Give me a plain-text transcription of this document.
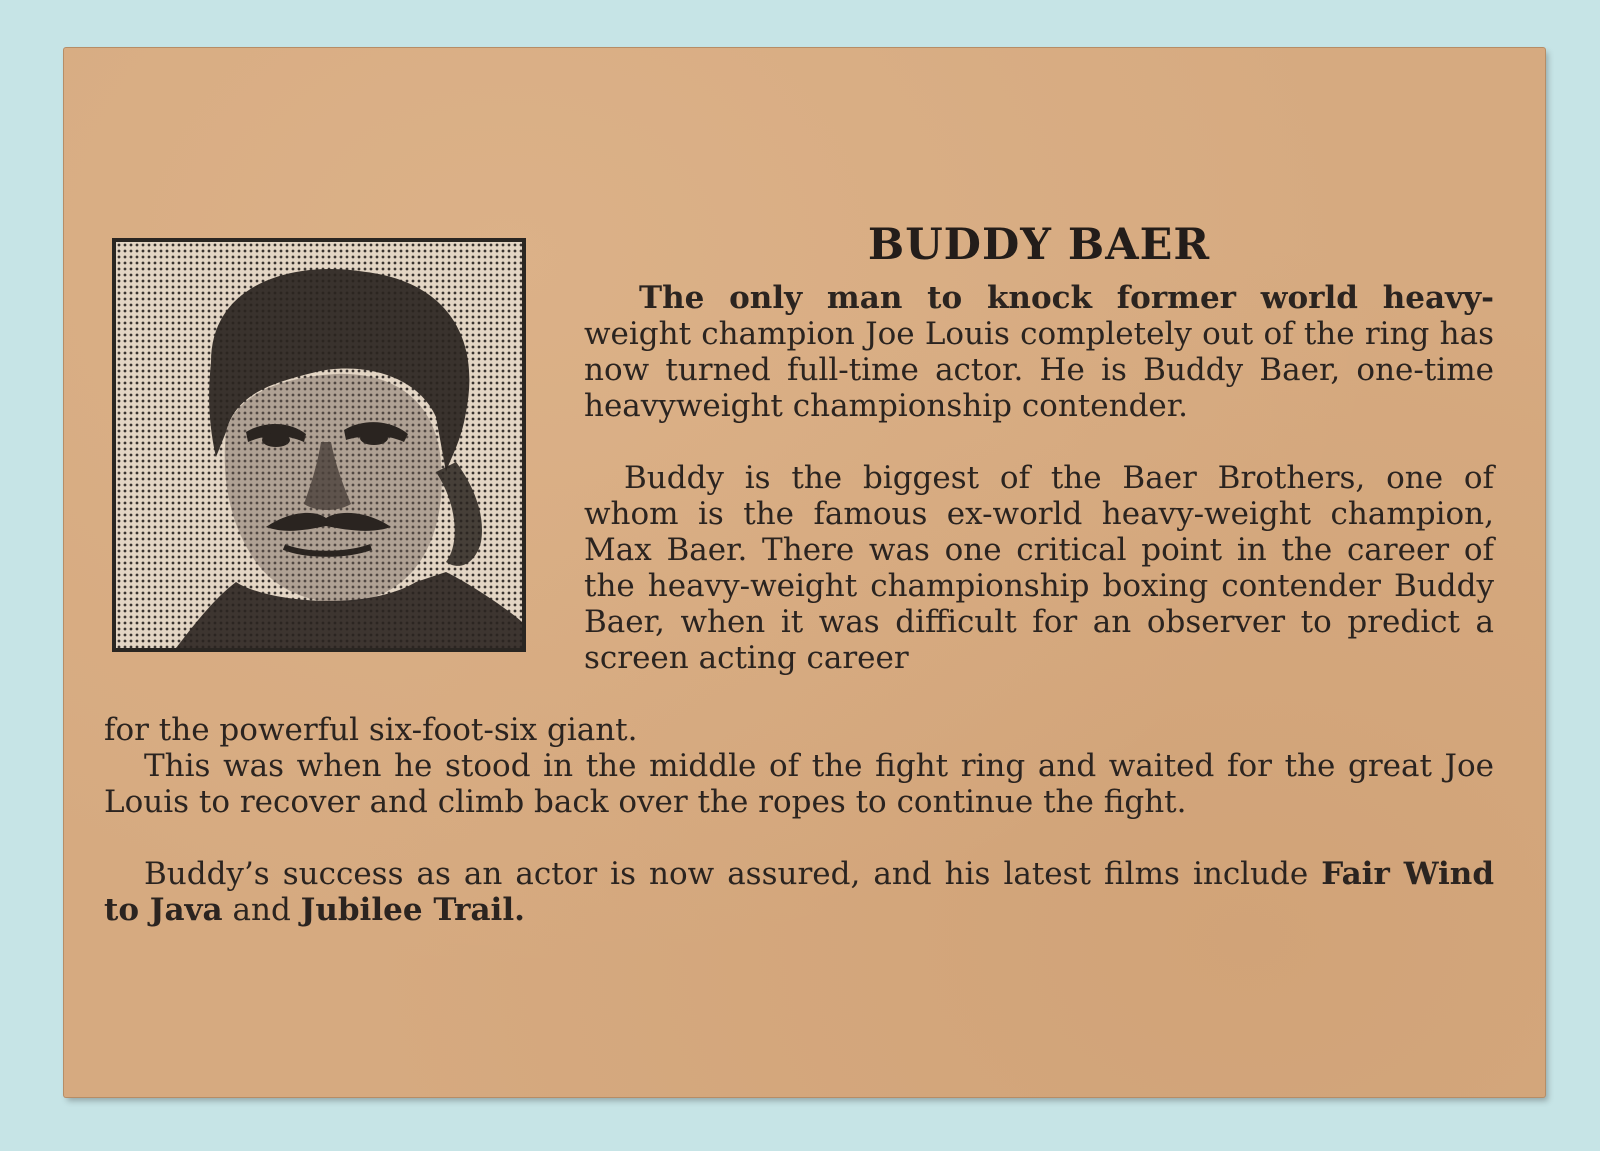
BUDDY BAER

The only man to knock former world heavy- weight champion Joe Louis completely out of the ring has now turned full-time actor. He is Buddy Baer, one-time heavyweight championship contender.

Buddy is the biggest of the Baer Brothers, one of whom is the famous ex-world heavy-weight champion, Max Baer. There was one critical point in the career of the heavy-weight championship boxing contender Buddy Baer, when it was difficult for an observer to predict a screen acting career

for the powerful six-foot-six giant.

This was when he stood in the middle of the fight ring and waited for the great Joe Louis to recover and climb back over the ropes to continue the fight.

Buddy’s success as an actor is now assured, and his latest films include Fair Wind to Java and Jubilee Trail.
